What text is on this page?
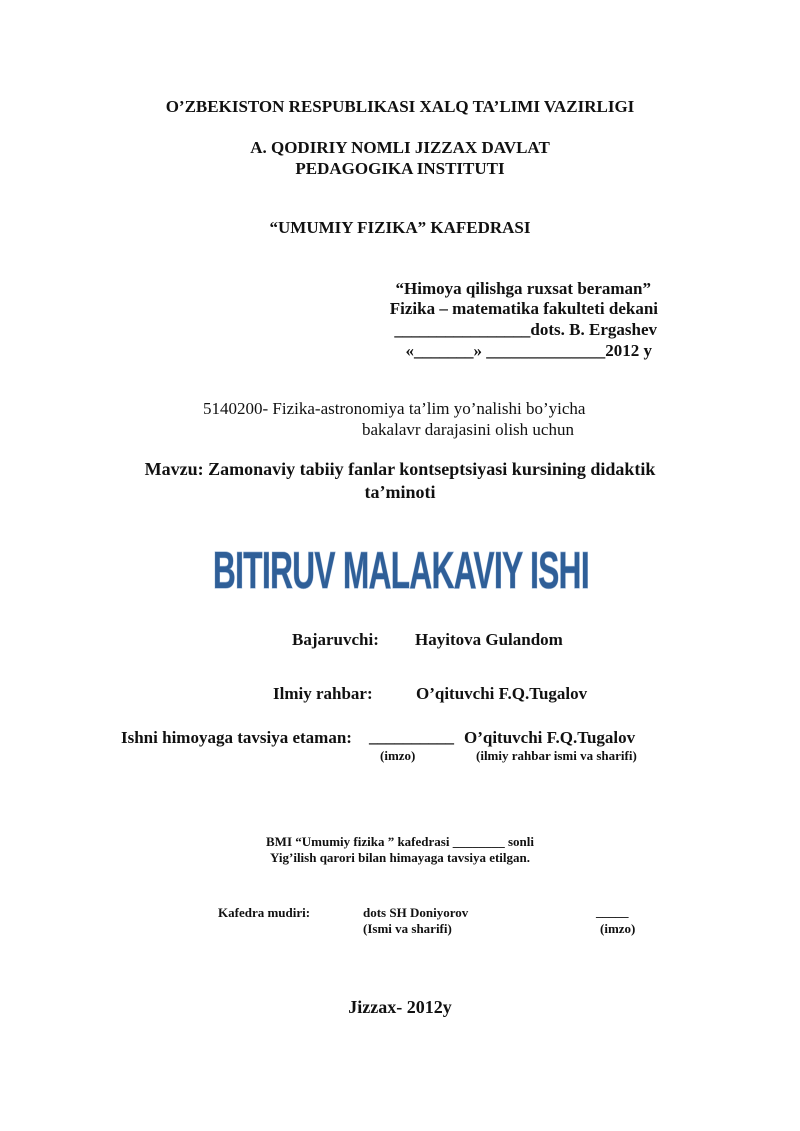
O’ZBEKISTON RESPUBLIKASI XALQ TA’LIMI VAZIRLIGI
A. QODIRIY NOMLI JIZZAX DAVLAT
PEDAGOGIKA INSTITUTI
“UMUMIY FIZIKA” KAFEDRASI
“Himoya qilishga ruxsat beraman”
Fizika – matematika fakulteti dekani
________________dots. B. Ergashev
«_______» ______________2012 y
5140200- Fizika-astronomiya ta’lim yo’nalishi bo’yicha
bakalavr darajasini olish uchun
Mavzu: Zamonaviy tabiiy fanlar kontseptsiyasi kursining didaktik
ta’minoti
BITIRUV MALAKAVIY ISHI
Bajaruvchi: Hayitova Gulandom
Ilmiy rahbar:	O’qituvchi F.Q.Tugalov
Ishni himoyaga tavsiya etaman: __________ O’qituvchi F.Q.Tugalov
(imzo)	(ilmiy rahbar ismi va sharifi)
BMI “Umumiy fizika ” kafedrasi ________ sonli
Yig’ilish qarori bilan himayaga tavsiya etilgan.
Kafedra mudiri:	dots SH Doniyorov	_____
(Ismi va sharifi)	(imzo)
Jizzax- 2012y
